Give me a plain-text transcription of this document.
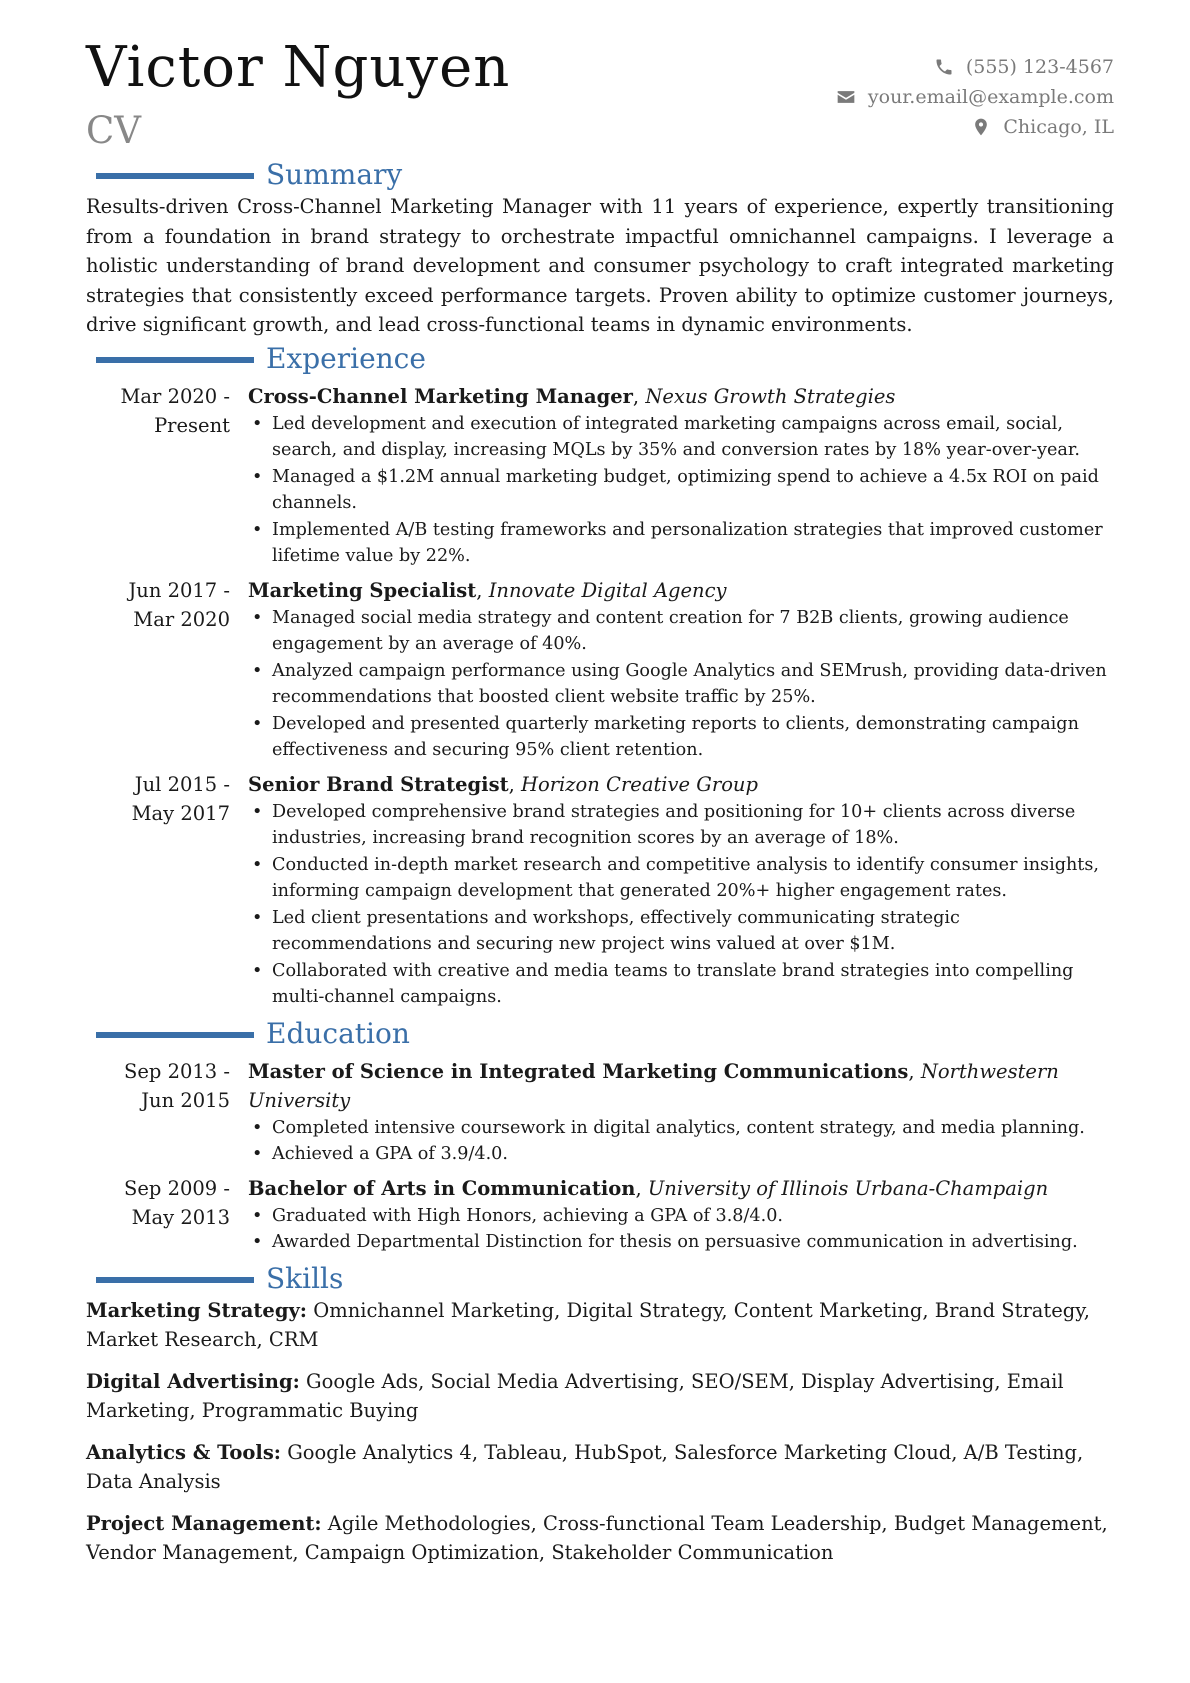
Victor Nguyen
CV
(555) 123-4567
your.email@example.com
Chicago, IL
Summary

Results-driven Cross-Channel Marketing Manager with 11 years of experience, expertly transitioning from a foundation in brand strategy to orchestrate impactful omnichannel campaigns. I leverage a holistic understanding of brand development and consumer psychology to craft integrated marketing strategies that consistently exceed performance targets. Proven ability to optimize customer journeys, drive significant growth, and lead cross-functional teams in dynamic environments.

Experience
Mar 2020 - Present
Cross-Channel Marketing Manager, Nexus Growth Strategies
• Led development and execution of integrated marketing campaigns across email, social, search, and display, increasing MQLs by 35% and conversion rates by 18% year-over-year.
• Managed a $1.2M annual marketing budget, optimizing spend to achieve a 4.5x ROI on paid channels.
• Implemented A/B testing frameworks and personalization strategies that improved customer lifetime value by 22%.
Jun 2017 - Mar 2020
Marketing Specialist, Innovate Digital Agency
• Managed social media strategy and content creation for 7 B2B clients, growing audience engagement by an average of 40%.
• Analyzed campaign performance using Google Analytics and SEMrush, providing data-driven recommendations that boosted client website traffic by 25%.
• Developed and presented quarterly marketing reports to clients, demonstrating campaign effectiveness and securing 95% client retention.
Jul 2015 - May 2017
Senior Brand Strategist, Horizon Creative Group
• Developed comprehensive brand strategies and positioning for 10+ clients across diverse industries, increasing brand recognition scores by an average of 18%.
• Conducted in-depth market research and competitive analysis to identify consumer insights, informing campaign development that generated 20%+ higher engagement rates.
• Led client presentations and workshops, effectively communicating strategic recommendations and securing new project wins valued at over $1M.
• Collaborated with creative and media teams to translate brand strategies into compelling multi-channel campaigns.
Education
Sep 2013 - Jun 2015
Master of Science in Integrated Marketing Communications, Northwestern University
• Completed intensive coursework in digital analytics, content strategy, and media planning.
• Achieved a GPA of 3.9/4.0.
Sep 2009 - May 2013
Bachelor of Arts in Communication, University of Illinois Urbana-Champaign
• Graduated with High Honors, achieving a GPA of 3.8/4.0.
• Awarded Departmental Distinction for thesis on persuasive communication in advertising.
Skills

Marketing Strategy: Omnichannel Marketing, Digital Strategy, Content Marketing, Brand Strategy, Market Research, CRM

Digital Advertising: Google Ads, Social Media Advertising, SEO/SEM, Display Advertising, Email Marketing, Programmatic Buying

Analytics & Tools: Google Analytics 4, Tableau, HubSpot, Salesforce Marketing Cloud, A/B Testing, Data Analysis

Project Management: Agile Methodologies, Cross-functional Team Leadership, Budget Management, Vendor Management, Campaign Optimization, Stakeholder Communication
